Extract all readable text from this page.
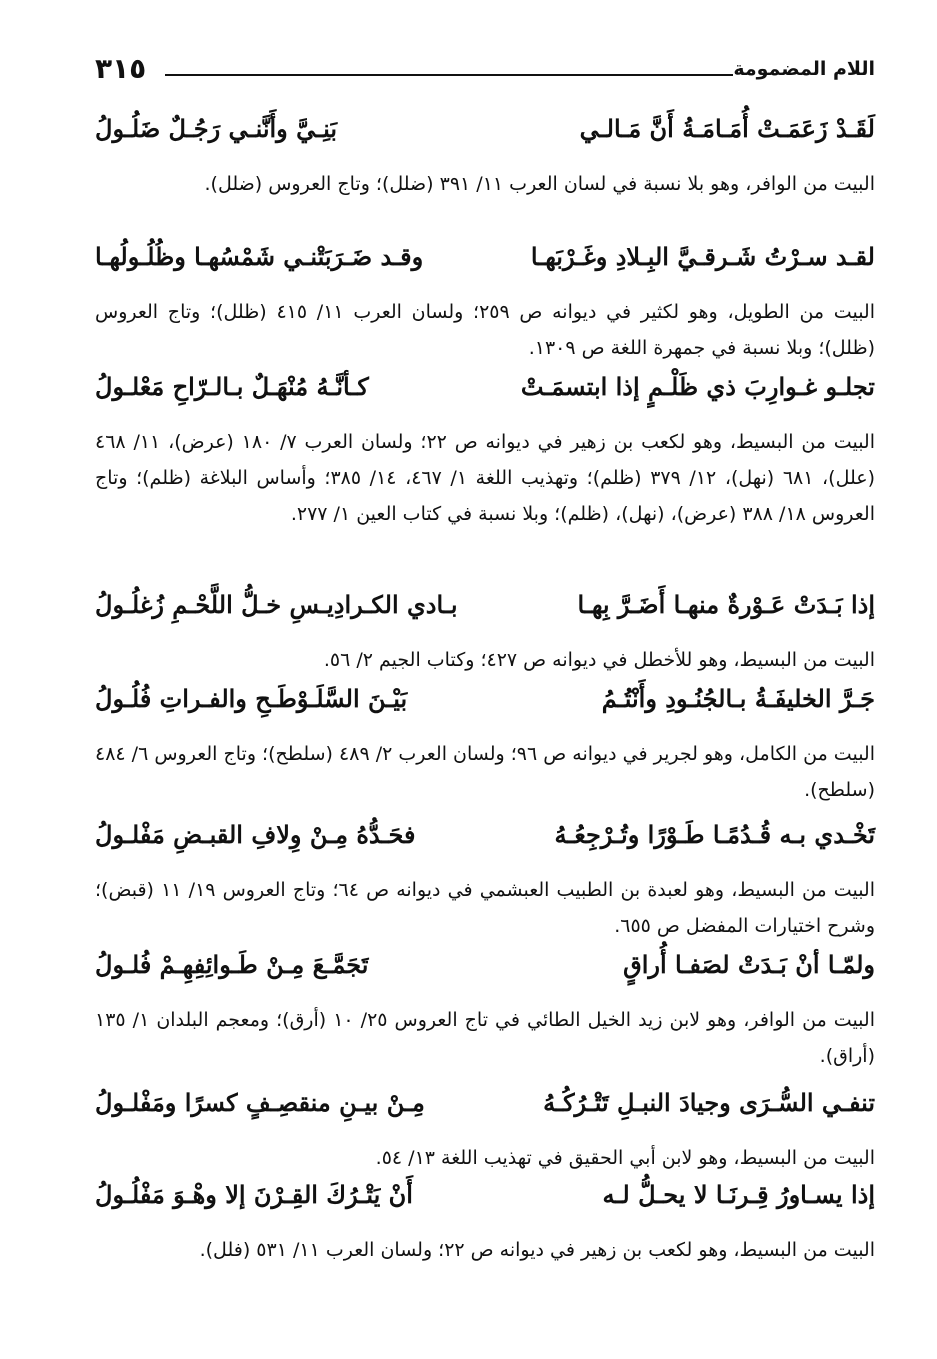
اللام المضمومة
٣١٥
لَقَـدْ زَعَمَـتْ أُمَـامَـةُ أَنَّ مَـالـي
بَنِـيَّ وأَنَّنـي رَجُـلٌ ضَلُـولُ
البيت من الوافر، وهو بلا نسبة في لسان العرب ١١/ ٣٩١ (ضلل)؛ وتاج العروس (ضلل).
لقـد سـرْتُ شَـرقـيَّ البِـلادِ وغَـرْبَهـا
وقـد ضَـرَبَتْنـي شَمْسُهـا وظُلُـولُهـا
البيت من الطويل، وهو لكثير في ديوانه ص ٢٥٩؛ ولسان العرب ١١/ ٤١٥ (ظلل)؛ وتاج العروس (ظلل)؛ وبلا نسبة في جمهرة اللغة ص ١٣٠٩.
تجلـو غـوارِبَ ذي ظَلْـمٍ إذا ابتسمَـتْ
كـأنَّـهُ مُنْهَـلٌ بـالـرّاحِ مَعْلـولُ
البيت من البسيط، وهو لكعب بن زهير في ديوانه ص ٢٢؛ ولسان العرب ٧/ ١٨٠ (عرض)، ١١/ ٤٦٨ (علل)، ٦٨١ (نهل)، ١٢/ ٣٧٩ (ظلم)؛ وتهذيب اللغة ١/ ٤٦٧، ١٤/ ٣٨٥؛ وأساس البلاغة (ظلم)؛ وتاج العروس ١٨/ ٣٨٨ (عرض)، (نهل)، (ظلم)؛ وبلا نسبة في كتاب العين ١/ ٢٧٧.
إذا بَـدَتْ عَـوْرةٌ منهـا أَضَـرَّ بِهـا
بـادي الكـرادِيـسِ خـلُّ اللَّحْـمِ زُغلُـولُ
البيت من البسيط، وهو للأخطل في ديوانه ص ٤٢٧؛ وكتاب الجيم ٢/ ٥٦.
جَـرَّ الخليفَـةُ بـالجُنُـودِ وأَنْتُـمُ
بَيْـنَ السَّلَـوْطَـحِ والفـراتِ فُلُـولُ
البيت من الكامل، وهو لجرير في ديوانه ص ٩٦؛ ولسان العرب ٢/ ٤٨٩ (سلطح)؛ وتاج العروس ٦/ ٤٨٤ (سلطح).
تَخْـدي بـه قُـدُمًـا طَـوْرًا وتُـرْجِعُـهُ
فحَـدُّهُ مِـنْ وِلافِ القبـضِ مَفْلـولُ
البيت من البسيط، وهو لعبدة بن الطبيب العبشمي في ديوانه ص ٦٤؛ وتاج العروس ١٩/ ١١ (قبض)؛ وشرح اختيارات المفضل ص ٦٥٥.
ولمّـا أنْ بَـدَتْ لصَفـا أُراقٍ
تَجَمَّـعَ مِـنْ طَـوائِفِهِـمْ فُلـولُ
البيت من الوافر، وهو لابن زيد الخيل الطائي في تاج العروس ٢٥/ ١٠ (أرق)؛ ومعجم البلدان ١/ ١٣٥ (أراق).
تنفـي السُّـرَى وجيادَ النبـلِ تَتْـرُكُـهُ
مِـنْ بيـنِ منقصِـفٍ كسرًا ومَفْلـولُ
البيت من البسيط، وهو لابن أبي الحقيق في تهذيب اللغة ١٣/ ٥٤.
إذا يسـاورُ قِـرنَـا لا يحـلُّ لـه
أَنْ يَتْـرُكَ القِـرْنَ إلا وهْـوَ مَفْلُـولُ
البيت من البسيط، وهو لكعب بن زهير في ديوانه ص ٢٢؛ ولسان العرب ١١/ ٥٣١ (فلل).
